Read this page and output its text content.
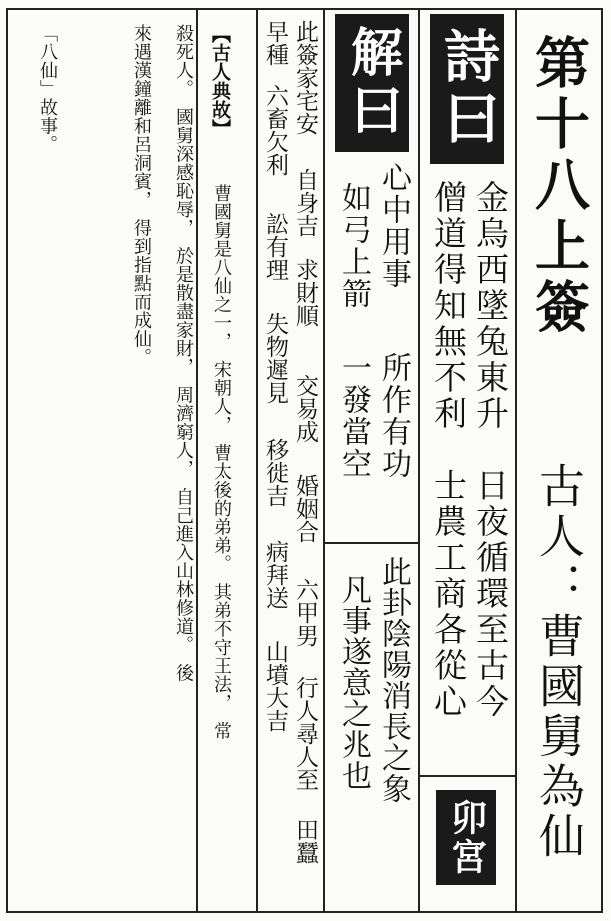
第十八上簽
古人：曹國舅為仙
詩曰
金烏西墜兔東升
日夜循環至古今
僧道得知無不利
士農工商各從心
卯宮
解曰
心中用事
所作有功
如弓上箭
一發當空
此卦陰陽消長之象
凡事遂意之兆也
此簽家宅安
自身吉
求財順
交易成
婚姻合
六甲男
行人尋人至
田蠶
早種
六畜欠利
訟有理
失物遲見
移徙吉
病拜送
山墳大吉
【古人典故】
曹國舅是八仙之一，　宋朝人，　曹太後的弟弟。　其弟不守王法，　常
殺死人。　國舅深感恥辱，　於是散盡家財，　周濟窮人，　自己進入山林修道。　後
來遇漢鐘離和呂洞賓，　得到指點而成仙。
「八仙」故事。
